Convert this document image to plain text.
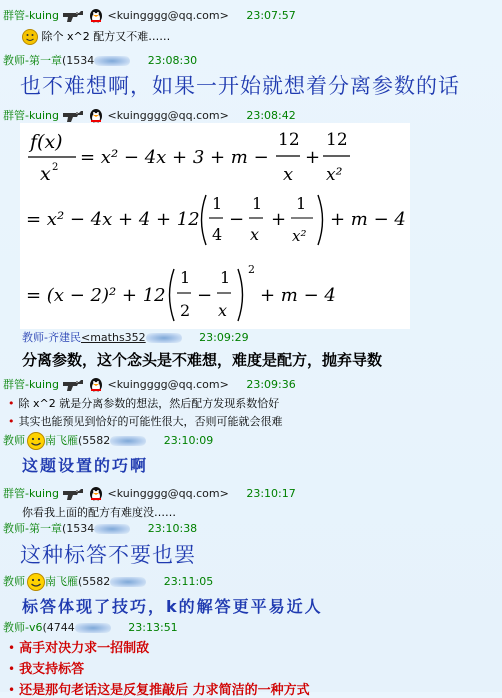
群管-kuing	<kuingggg@qq.com> 23:07:57
除个 x^2 配方又不难……
教师-第一章(1534	23:08:30
也不难想啊，如果一开始就想着分离参数的话
群管-kuing	<kuingggg@qq.com> 23:08:42
f(x)
x 2 = x² − 4x + 3 + m −
12
x
+
12
x²
= x² − 4x + 4 + 12
1
4
−
1
x
+
1
x²
+ m − 4
= (x − 2)² + 12
1
2
−
1
x
2
+ m − 4
教师-齐建民<maths352	23:09:29
分离参数，这个念头是不难想，难度是配方，抛弃导数
群管-kuing	<kuingggg@qq.com> 23:09:36
• 除 x^2 就是分离参数的想法，然后配方发现系数恰好
• 其实也能预见到恰好的可能性很大，否则可能就会很难
教师 南飞雁(5582	23:10:09
这题设置的巧啊
群管-kuing	<kuingggg@qq.com> 23:10:17
你看我上面的配方有难度没……
教师-第一章(1534	23:10:38
这种标答不要也罢
教师 南飞雁(5582	23:11:05
标答体现了技巧，k的解答更平易近人
教师-v6(4744	23:13:51
• 高手对决力求一招制敌
• 我支持标答
• 还是那句老话这是反复推敲后 力求简洁的一种方式
